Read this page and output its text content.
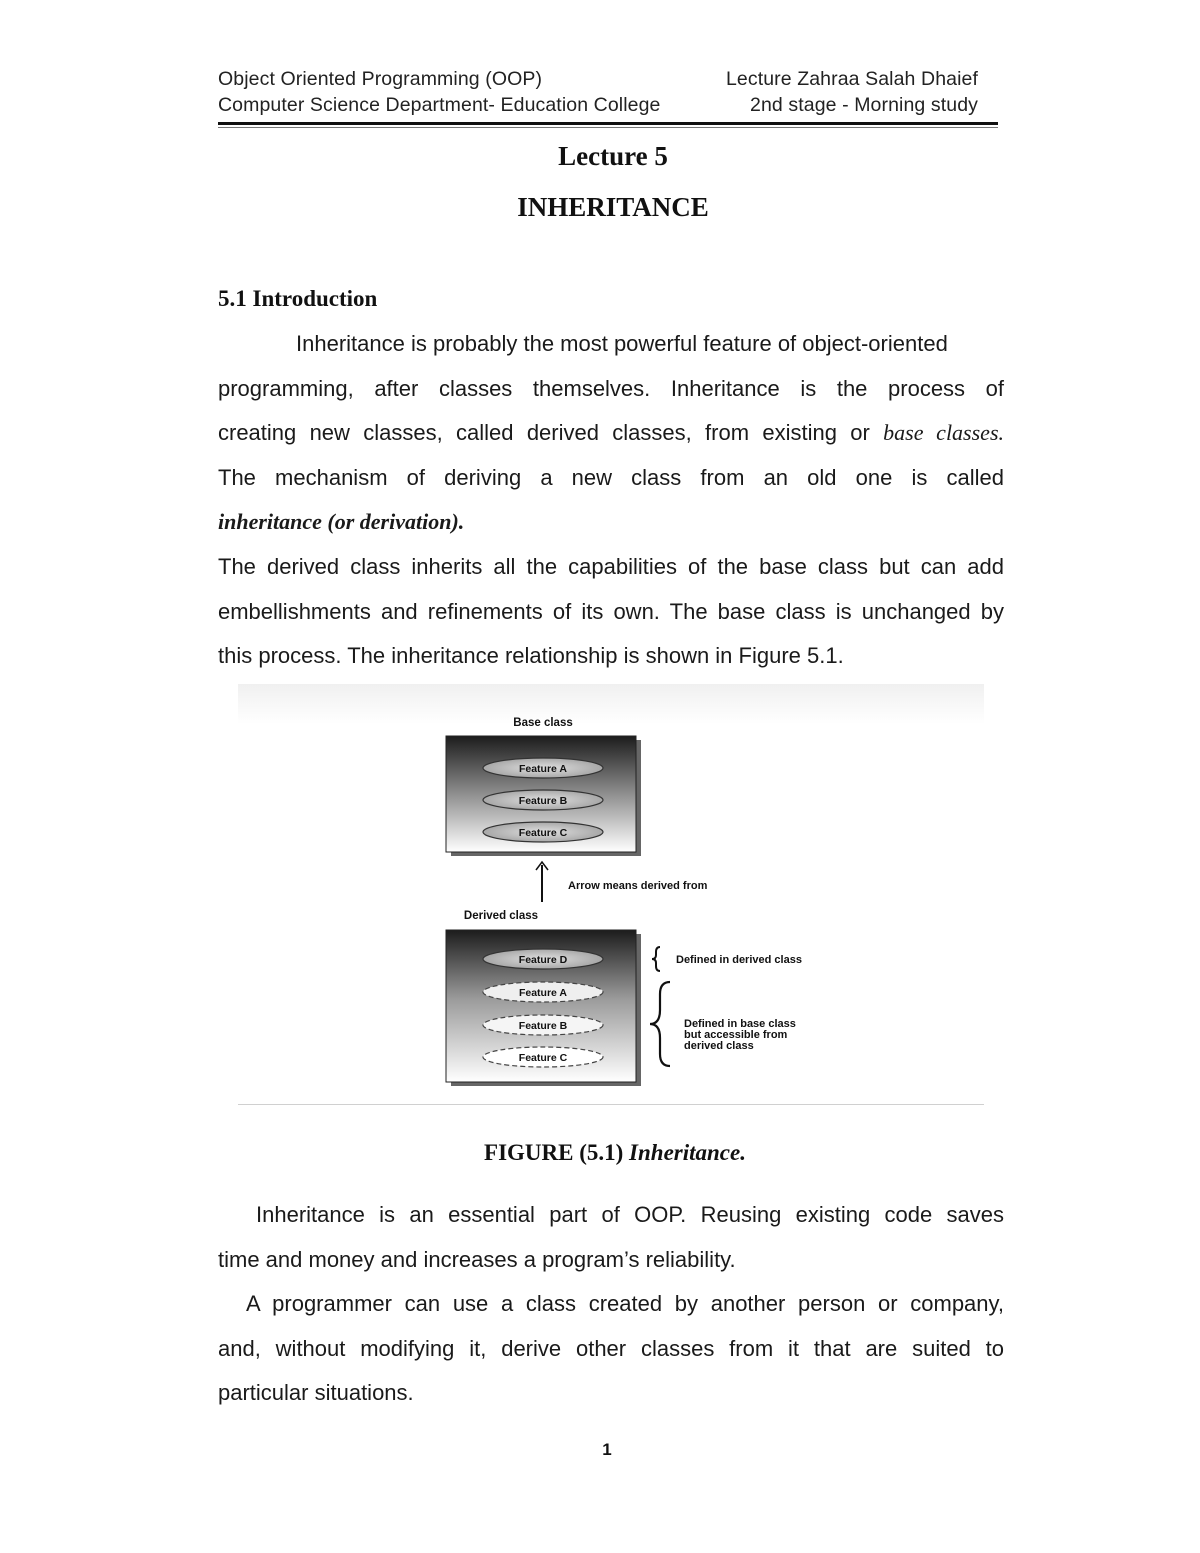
Object Oriented Programming (OOP)	Lecture Zahraa Salah Dhaief
Computer Science Department- Education College	2nd stage - Morning study
Lecture 5
INHERITANCE
5.1 Introduction
Inheritance is probably the most powerful feature of object-oriented
programming, after classes themselves. Inheritance is the process of
creating new classes, called derived classes, from existing or base classes.
The mechanism of deriving a new class from an old one is called
inheritance (or derivation).
The derived class inherits all the capabilities of the base class but can add
embellishments and refinements of its own. The base class is unchanged by
this process. The inheritance relationship is shown in Figure 5.1.
Base class
Feature A
Feature B
Feature C
Arrow means derived from
Derived class
Feature D
Feature A
Feature B
Feature C
Defined in derived class
Defined in base class
but accessible from
derived class
FIGURE (5.1) Inheritance.
Inheritance is an essential part of OOP. Reusing existing code saves
time and money and increases a program’s reliability.
A programmer can use a class created by another person or company,
and, without modifying it, derive other classes from it that are suited to
particular situations.
1
